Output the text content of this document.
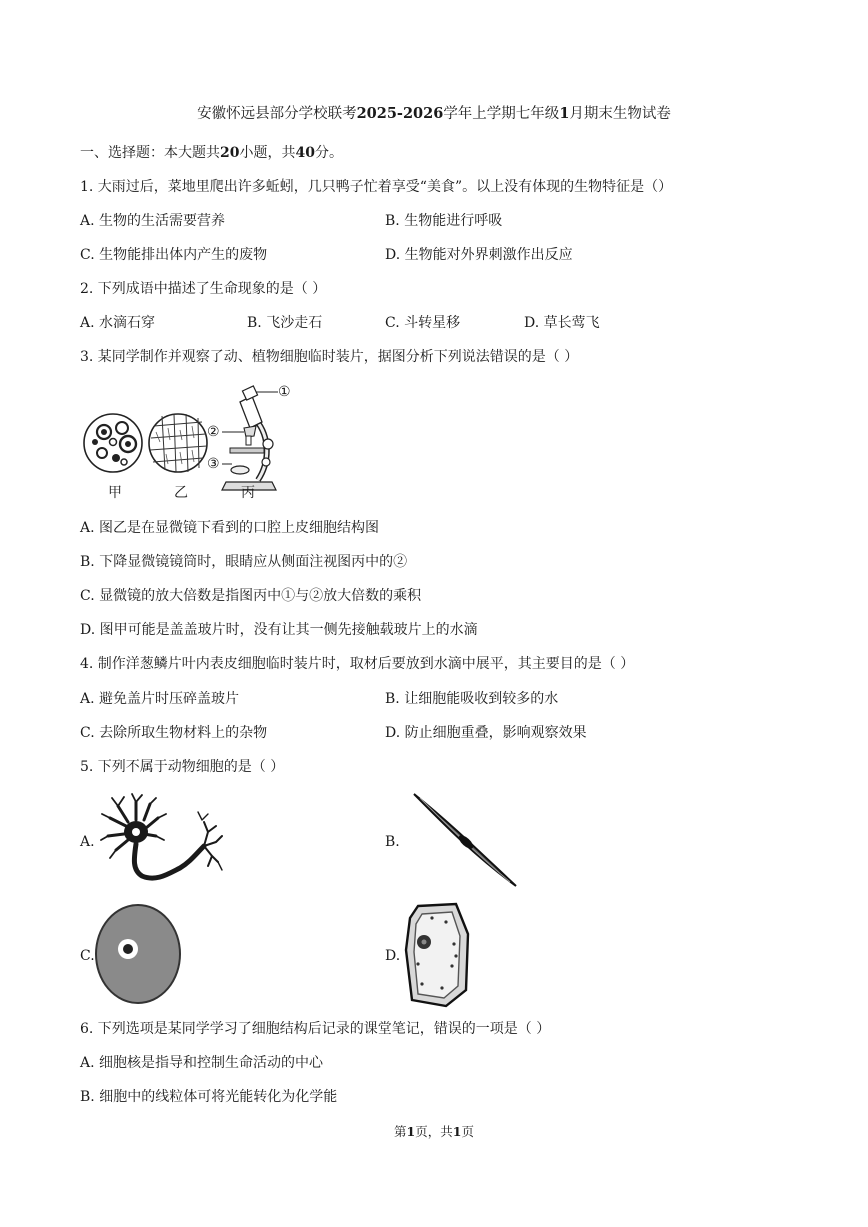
安徽怀远县部分学校联考2025-2026学年上学期七年级1月期末生物试卷
一、选择题：本大题共20小题，共40分。
1. 大雨过后，菜地里爬出许多蚯蚓，几只鸭子忙着享受“美食”。以上没有体现的生物特征是（）
A. 生物的生活需要营养	B. 生物能进行呼吸
C. 生物能排出体内产生的废物	D. 生物能对外界刺激作出反应
2. 下列成语中描述了生命现象的是（ ）
A. 水滴石穿	B. 飞沙走石	C. 斗转星移	D. 草长莺飞
3. 某同学制作并观察了动、植物细胞临时装片，据图分析下列说法错误的是（ ）
①
②
③
甲	乙	丙
A. 图乙是在显微镜下看到的口腔上皮细胞结构图
B. 下降显微镜镜筒时，眼睛应从侧面注视图丙中的②
C. 显微镜的放大倍数是指图丙中①与②放大倍数的乘积
D. 图甲可能是盖盖玻片时，没有让其一侧先接触载玻片上的水滴
4. 制作洋葱鳞片叶内表皮细胞临时装片时，取材后要放到水滴中展平，其主要目的是（ ）
A. 避免盖片时压碎盖玻片	B. 让细胞能吸收到较多的水
C. 去除所取生物材料上的杂物	D. 防止细胞重叠，影响观察效果
5. 下列不属于动物细胞的是（ ）
A.	B.
C.	D.
6. 下列选项是某同学学习了细胞结构后记录的课堂笔记，错误的一项是（ ）
A. 细胞核是指导和控制生命活动的中心
B. 细胞中的线粒体可将光能转化为化学能
第1页，共1页
